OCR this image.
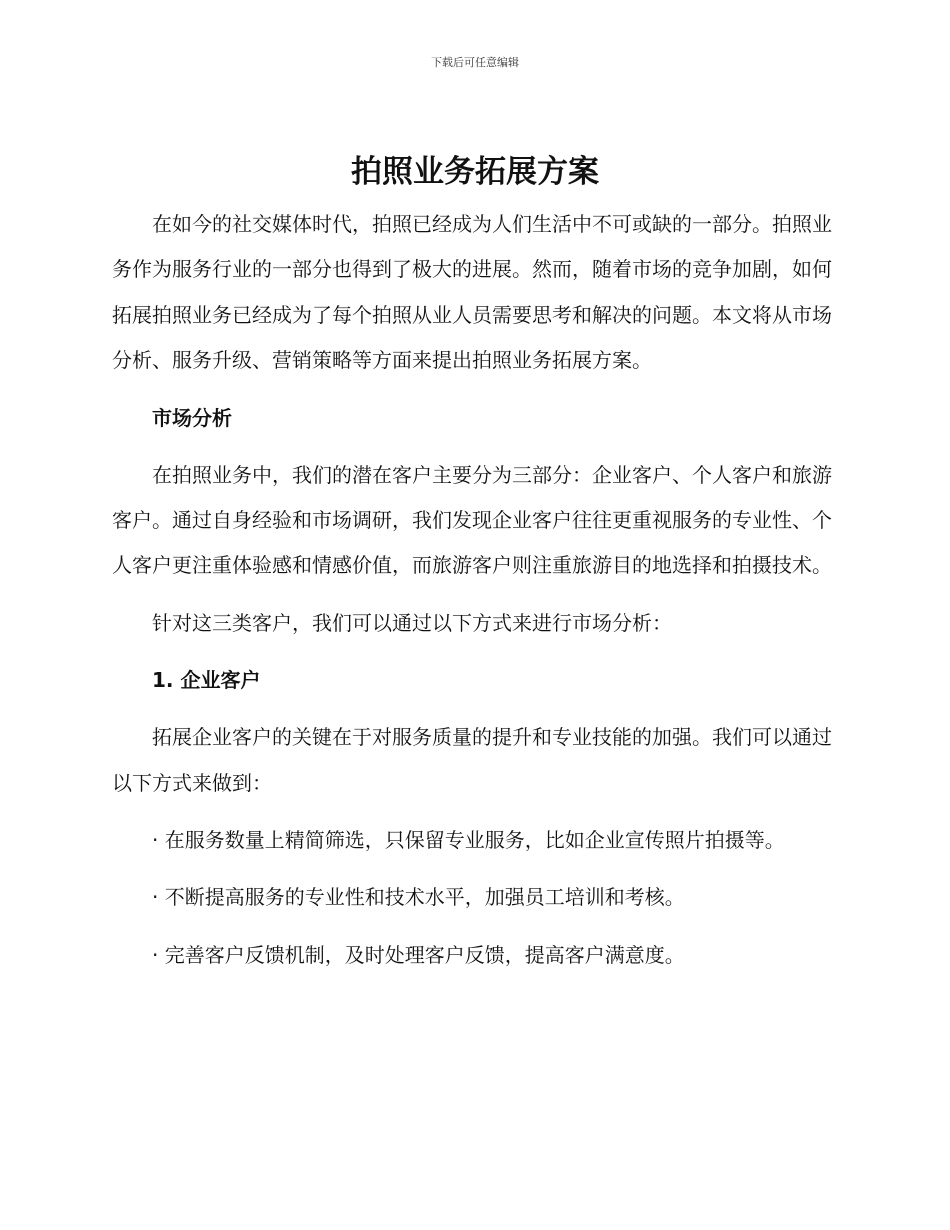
下载后可任意编辑
拍照业务拓展方案

在如今的社交媒体时代，拍照已经成为人们生活中不可或缺的一部分。拍照业务作为服务行业的一部分也得到了极大的进展。然而，随着市场的竞争加剧，如何拓展拍照业务已经成为了每个拍照从业人员需要思考和解决的问题。本文将从市场分析、服务升级、营销策略等方面来提出拍照业务拓展方案。

市场分析

在拍照业务中，我们的潜在客户主要分为三部分：企业客户、个人客户和旅游客户。通过自身经验和市场调研，我们发现企业客户往往更重视服务的专业性、个人客户更注重体验感和情感价值，而旅游客户则注重旅游目的地选择和拍摄技术。

针对这三类客户，我们可以通过以下方式来进行市场分析：

1. 企业客户

拓展企业客户的关键在于对服务质量的提升和专业技能的加强。我们可以通过以下方式来做到：

· 在服务数量上精简筛选，只保留专业服务，比如企业宣传照片拍摄等。

· 不断提高服务的专业性和技术水平，加强员工培训和考核。

· 完善客户反馈机制，及时处理客户反馈，提高客户满意度。
